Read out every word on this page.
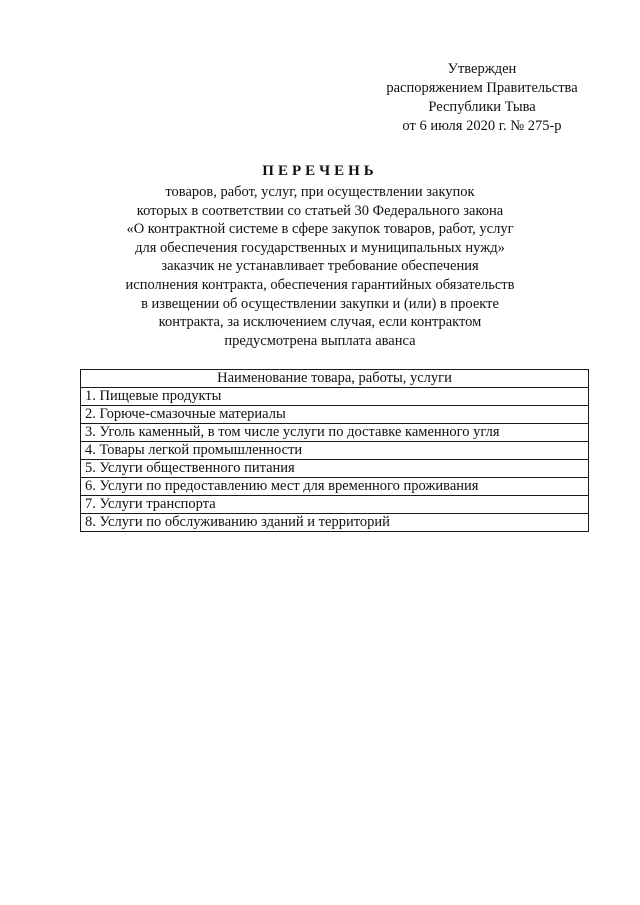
Утвержден
распоряжением Правительства
Республики Тыва
от 6 июля 2020 г. № 275-р
ПЕРЕЧЕНЬ
товаров, работ, услуг, при осуществлении закупок
которых в соответствии со статьей 30 Федерального закона
«О контрактной системе в сфере закупок товаров, работ, услуг
для обеспечения государственных и муниципальных нужд»
заказчик не устанавливает требование обеспечения
исполнения контракта, обеспечения гарантийных обязательств
в извещении об осуществлении закупки и (или) в проекте
контракта, за исключением случая, если контрактом
предусмотрена выплата аванса
Наименование товара, работы, услуги
1. Пищевые продукты
2. Горюче-смазочные материалы
3. Уголь каменный, в том числе услуги по доставке каменного угля
4. Товары легкой промышленности
5. Услуги общественного питания
6. Услуги по предоставлению мест для временного проживания
7. Услуги транспорта
8. Услуги по обслуживанию зданий и территорий
